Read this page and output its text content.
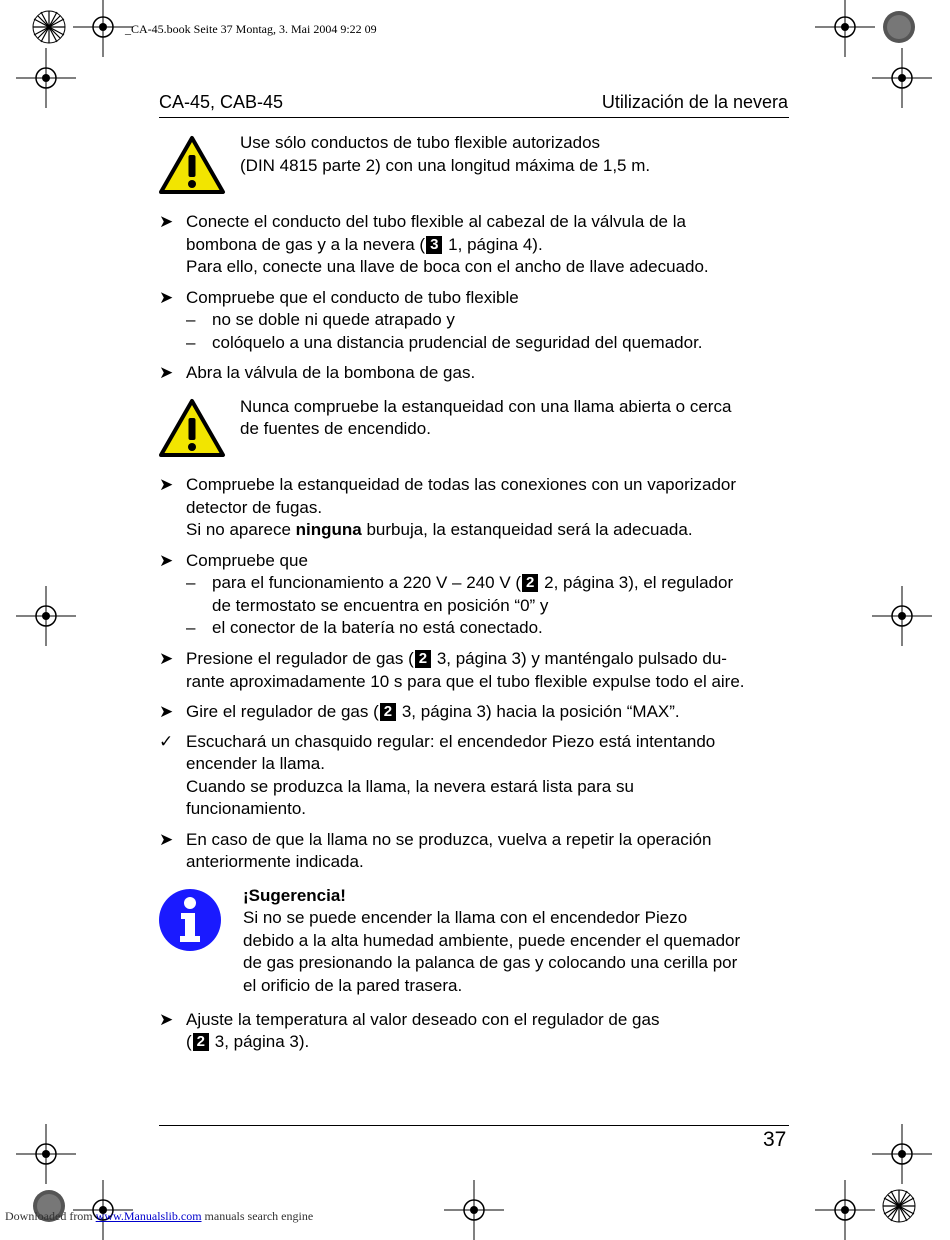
_CA-45.book Seite 37 Montag, 3. Mai 2004 9:22 09
CA-45, CAB-45	Utilización de la nevera
Use sólo conductos de tubo flexible autorizados
(DIN 4815 parte 2) con una longitud máxima de 1,5 m.
➤ Conecte el conducto del tubo flexible al cabezal de la válvula de la
bombona de gas y a la nevera ( 3 1, página 4).
Para ello, conecte una llave de boca con el ancho de llave adecuado.
➤ Compruebe que el conducto de tubo flexible
– no se doble ni quede atrapado y
– colóquelo a una distancia prudencial de seguridad del quemador.
➤ Abra la válvula de la bombona de gas.
Nunca compruebe la estanqueidad con una llama abierta o cerca
de fuentes de encendido.
➤ Compruebe la estanqueidad de todas las conexiones con un vaporizador
detector de fugas.
Si no aparece ninguna burbuja, la estanqueidad será la adecuada.
➤ Compruebe que
– para el funcionamiento a 220 V – 240 V ( 2 2, página 3), el regulador
de termostato se encuentra en posición “0” y
– el conector de la batería no está conectado.
➤ Presione el regulador de gas ( 2 3, página 3) y manténgalo pulsado du-
rante aproximadamente 10 s para que el tubo flexible expulse todo el aire.
➤ Gire el regulador de gas ( 2 3, página 3) hacia la posición “MAX”.
✓ Escuchará un chasquido regular: el encendedor Piezo está intentando
encender la llama.
Cuando se produzca la llama, la nevera estará lista para su
funcionamiento.
➤ En caso de que la llama no se produzca, vuelva a repetir la operación
anteriormente indicada.
¡Sugerencia!
Si no se puede encender la llama con el encendedor Piezo
debido a la alta humedad ambiente, puede encender el quemador
de gas presionando la palanca de gas y colocando una cerilla por
el orificio de la pared trasera.
➤ Ajuste la temperatura al valor deseado con el regulador de gas
( 2 3, página 3).
37
Downloaded from www.Manualslib.com manuals search engine
